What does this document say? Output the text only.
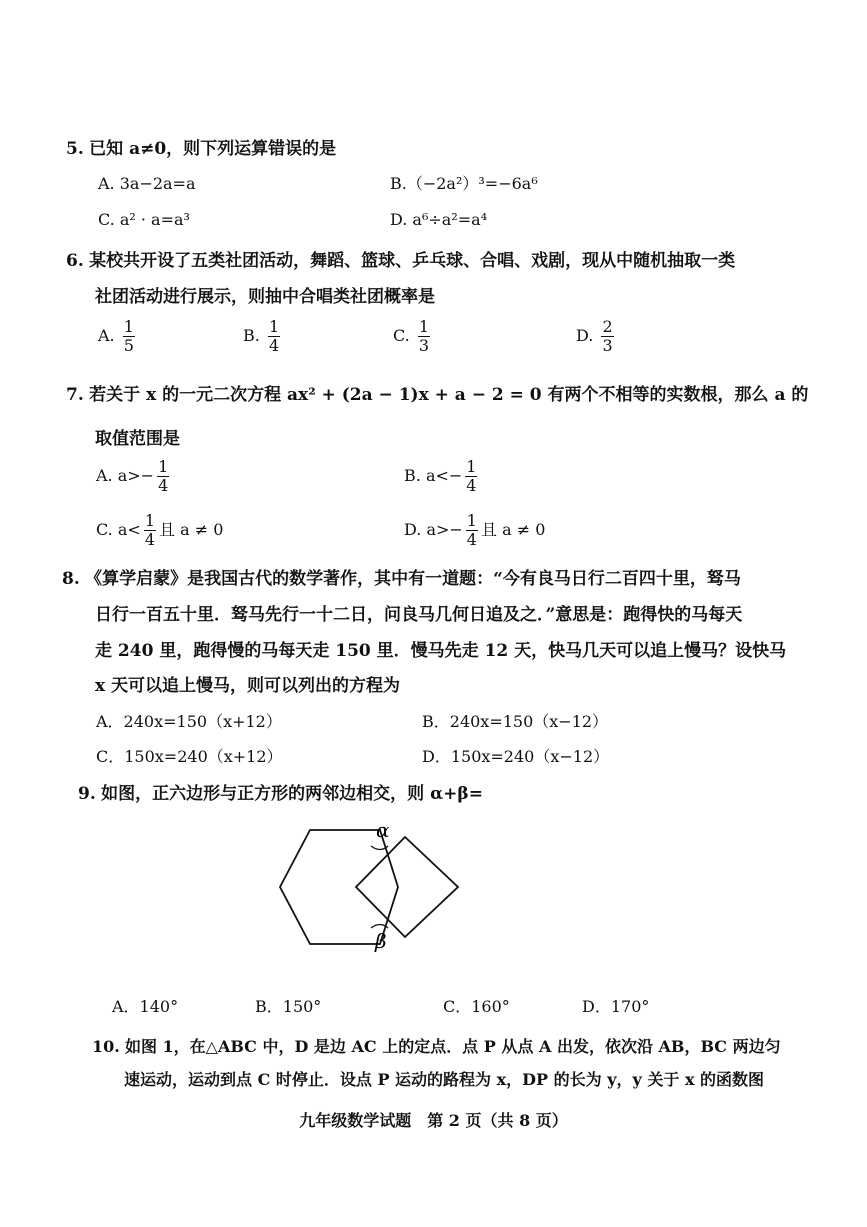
5. 已知 a≠0，则下列运算错误的是
A. 3a−2a=a	B.（−2a²）³=−6a⁶
C. a² · a=a³	D. a⁶÷a²=a⁴
6. 某校共开设了五类社团活动，舞蹈、篮球、乒乓球、合唱、戏剧，现从中随机抽取一类
社团活动进行展示，则抽中合唱类社团概率是
A. $\frac{1}{5}$	B. $\frac{1}{4}$	C. $\frac{1}{3}$	D. $\frac{2}{3}$
7. 若关于 x 的一元二次方程 ax² + (2a − 1)x + a − 2 = 0 有两个不相等的实数根，那么 a 的
取值范围是
A. $a>- \frac{1}{4}$	B. $a<- \frac{1}{4}$
C. $a< \frac{1}{4}$ 且 a ≠ 0	D. $a>- \frac{1}{4}$ 且 a ≠ 0
8. 《算学启蒙》是我国古代的数学著作，其中有一道题：“今有良马日行二百四十里，驽马
日行一百五十里．驽马先行一十二日，问良马几何日追及之．”意思是：跑得快的马每天
走 240 里，跑得慢的马每天走 150 里．慢马先走 12 天，快马几天可以追上慢马？设快马
x 天可以追上慢马，则可以列出的方程为
A．240x=150（x+12）	B．240x=150（x−12）
C．150x=240（x+12）	D．150x=240（x−12）
9. 如图，正六边形与正方形的两邻边相交，则 α+β=
α
β
A．140°	B．150°	C．160°	D．170°
10. 如图 1，在△ABC 中，D 是边 AC 上的定点．点 P 从点 A 出发，依次沿 AB，BC 两边匀
速运动，运动到点 C 时停止．设点 P 运动的路程为 x，DP 的长为 y，y 关于 x 的函数图
九年级数学试题　第 2 页（共 8 页）
